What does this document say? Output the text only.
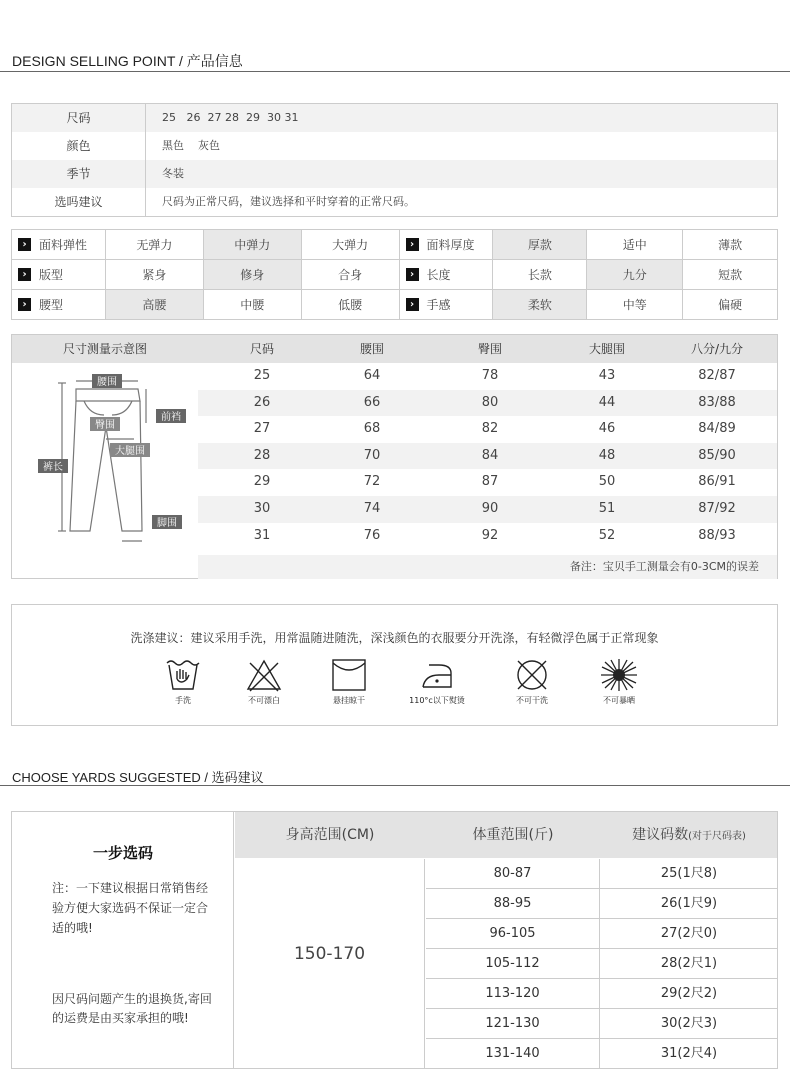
DESIGN SELLING POINT / 产品信息
尺码	25   26  27 28  29  30 31
颜色	黑色    灰色
季节	冬装
选吗建议	尺码为正常尺码，建议选择和平时穿着的正常尺码。
›	面料弹性	无弹力	中弹力	大弹力	›	面料厚度	厚款	适中	薄款
›	版型	紧身	修身	合身	›	长度	长款	九分	短款
›	腰型	高腰	中腰	低腰	›	手感	柔软	中等	偏硬
尺寸测量示意图	尺码	腰围	臀围	大腿围	八分/九分
腰围
臀围
前裆
大腿围
裤长
脚围
25	64	78	43	82/87
26	66	80	44	83/88
27	68	82	46	84/89
28	70	84	48	85/90
29	72	87	50	86/91
30	74	90	51	87/92
31	76	92	52	88/93
备注：宝贝手工测量会有0-3CM的误差
洗涤建议：建议采用手洗，用常温随进随洗，深浅颜色的衣服要分开洗涤，有轻微浮色属于正常现象
手洗	不可漂白	悬挂晾干	110°c以下熨烫	不可干洗	不可暴晒
CHOOSE YARDS SUGGESTED / 选码建议
一步选码
注：一下建议根据日常销售经验方便大家选码不保证一定合适的哦!
因尺码问题产生的退换货,寄回的运费是由买家承担的哦!
身高范围(CM)	体重范围(斤)	建议码数(对于尺码表)
150-170
80-87	25(1尺8)
88-95	26(1尺9)
96-105	27(2尺0)
105-112	28(2尺1)
113-120	29(2尺2)
121-130	30(2尺3)
131-140	31(2尺4)
